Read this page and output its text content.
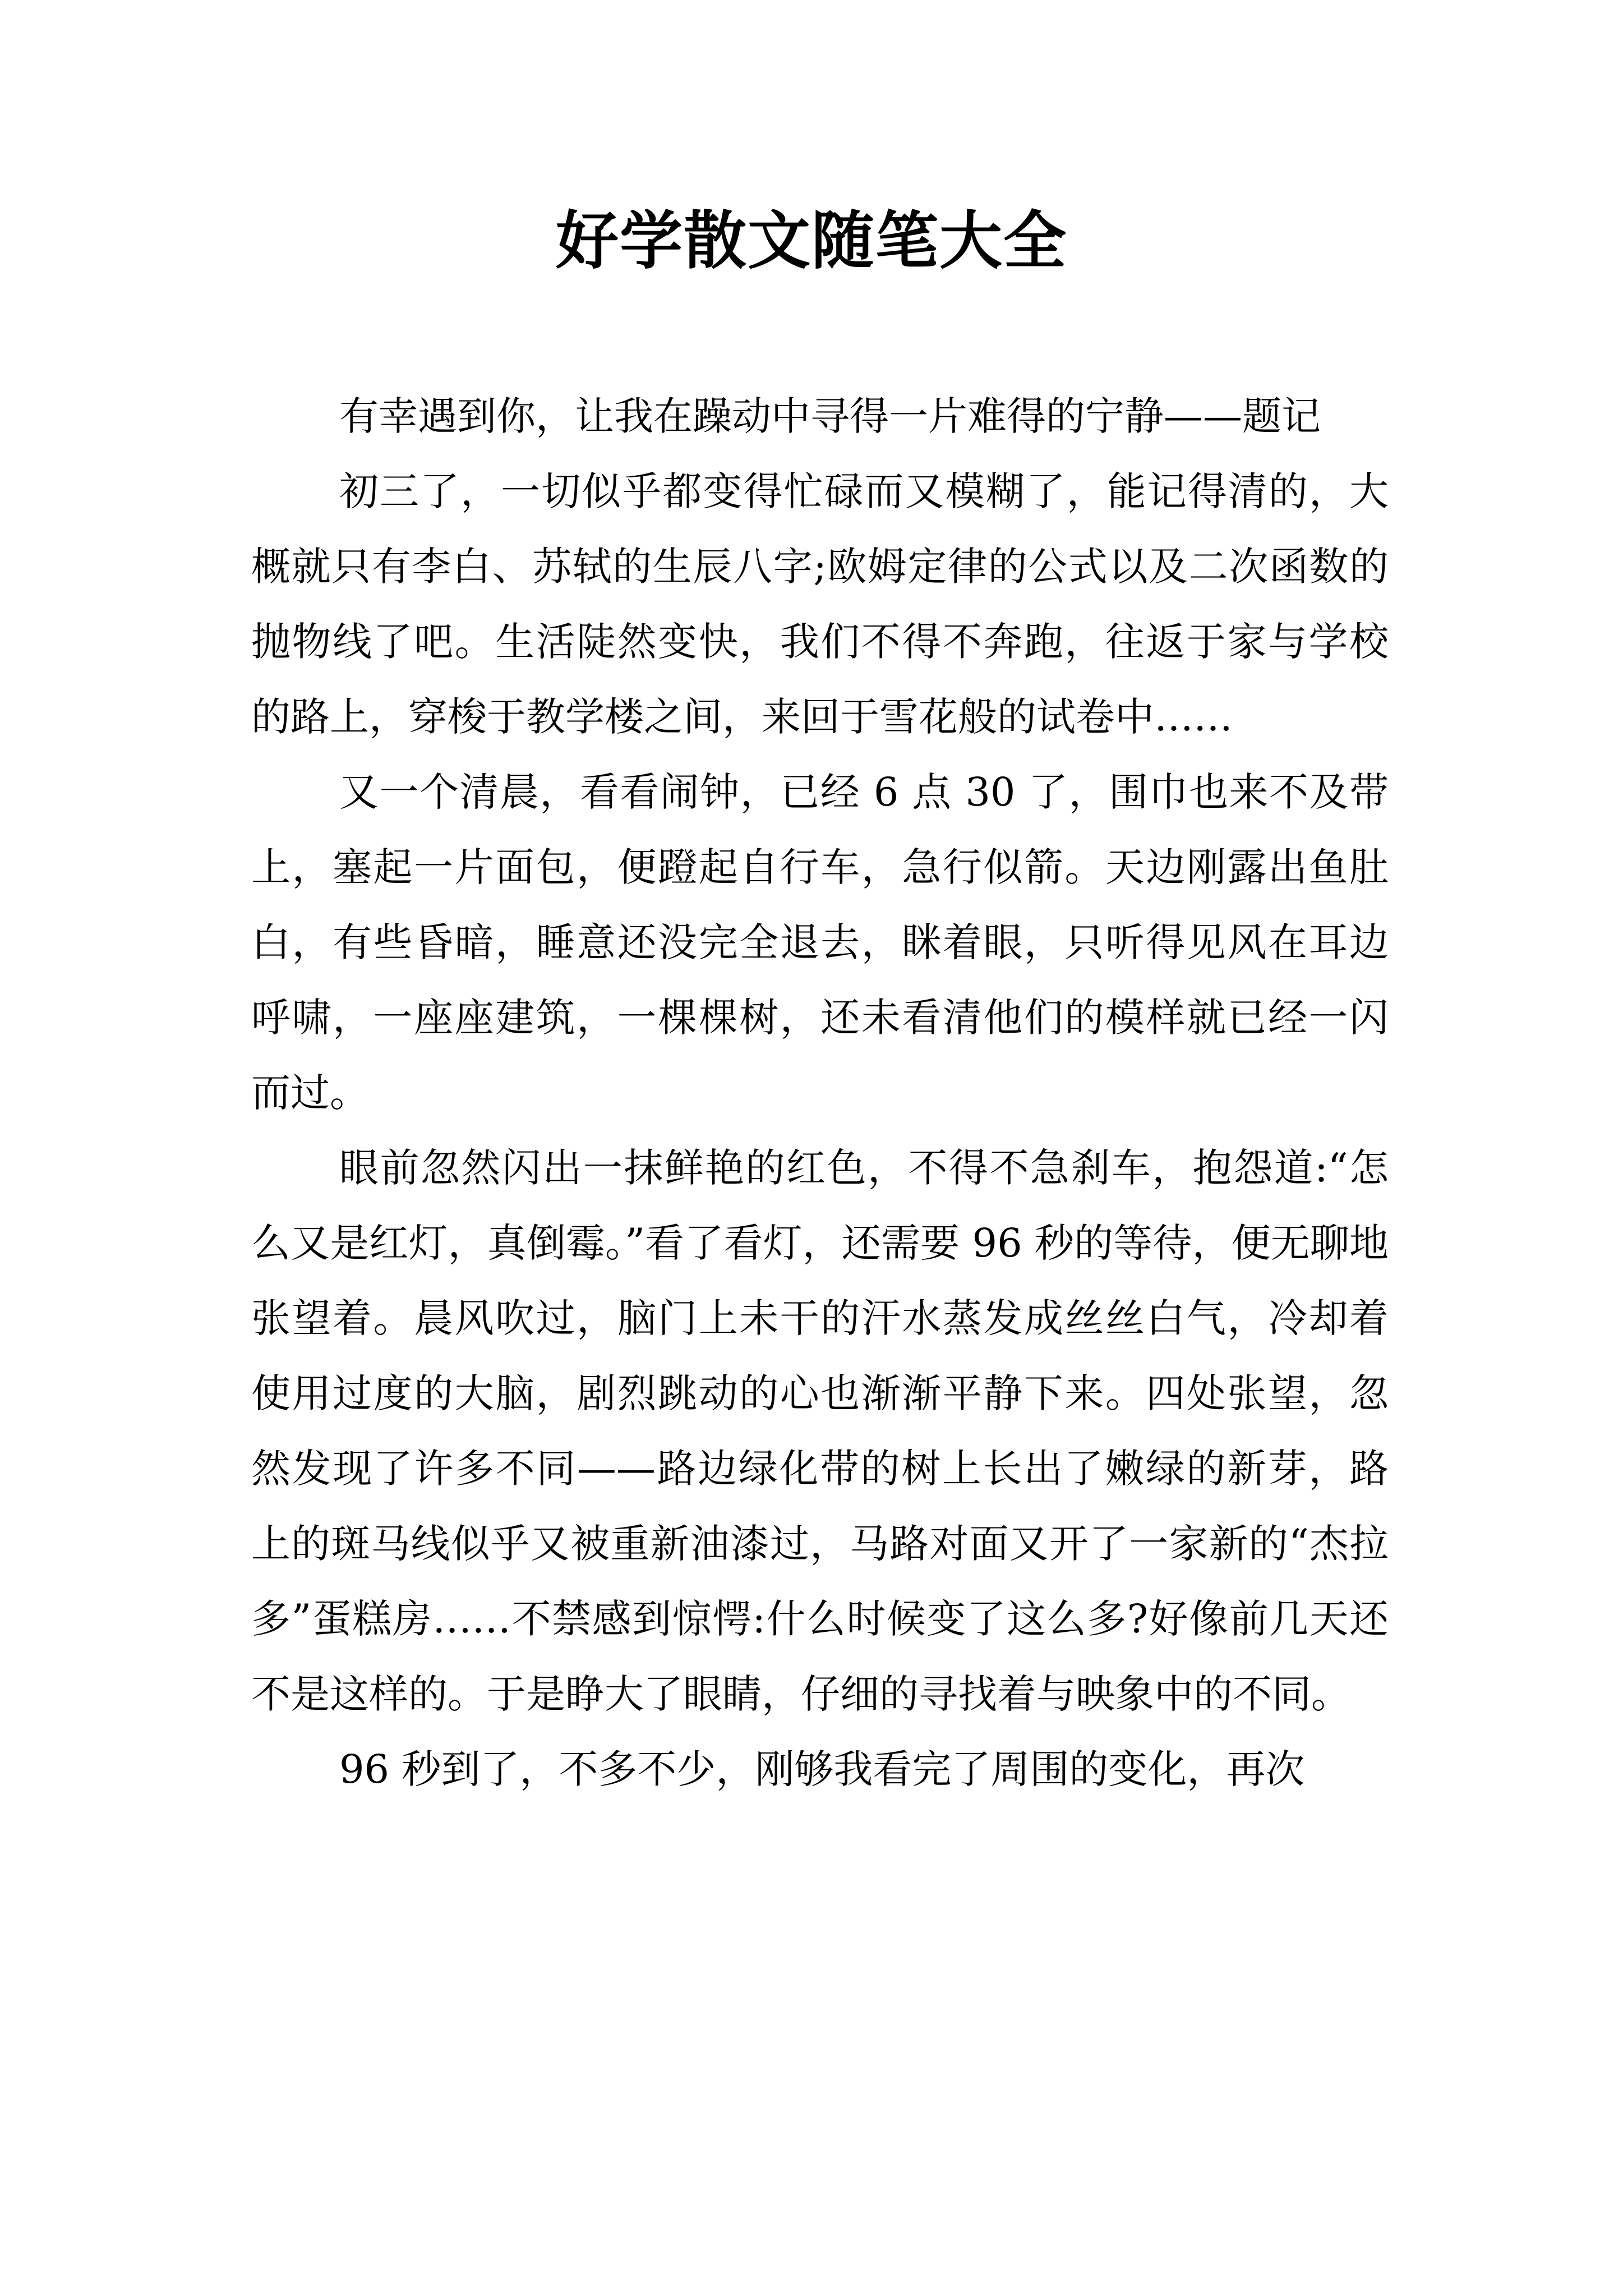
好学散文随笔大全

有幸遇到你，让我在躁动中寻得一片难得的宁静——题记

初三了，一切似乎都变得忙碌而又模糊了，能记得清的，大概就只有李白、苏轼的生辰八字;欧姆定律的公式以及二次函数的抛物线了吧。生活陡然变快，我们不得不奔跑，往返于家与学校的路上，穿梭于教学楼之间，来回于雪花般的试卷中……

又一个清晨，看看闹钟，已经 6 点 30 了，围巾也来不及带上，塞起一片面包，便蹬起自行车，急行似箭。天边刚露出鱼肚白，有些昏暗，睡意还没完全退去，眯着眼，只听得见风在耳边呼啸，一座座建筑，一棵棵树，还未看清他们的模样就已经一闪而过。

眼前忽然闪出一抹鲜艳的红色，不得不急刹车，抱怨道:“怎么又是红灯，真倒霉。”看了看灯，还需要 96 秒的等待，便无聊地张望着。晨风吹过，脑门上未干的汗水蒸发成丝丝白气，冷却着使用过度的大脑，剧烈跳动的心也渐渐平静下来。四处张望，忽然发现了许多不同——路边绿化带的树上长出了嫩绿的新芽，路上的斑马线似乎又被重新油漆过，马路对面又开了一家新的“杰拉多”蛋糕房……不禁感到惊愕:什么时候变了这么多?好像前几天还不是这样的。于是睁大了眼睛，仔细的寻找着与映象中的不同。

96 秒到了，不多不少，刚够我看完了周围的变化，再次
